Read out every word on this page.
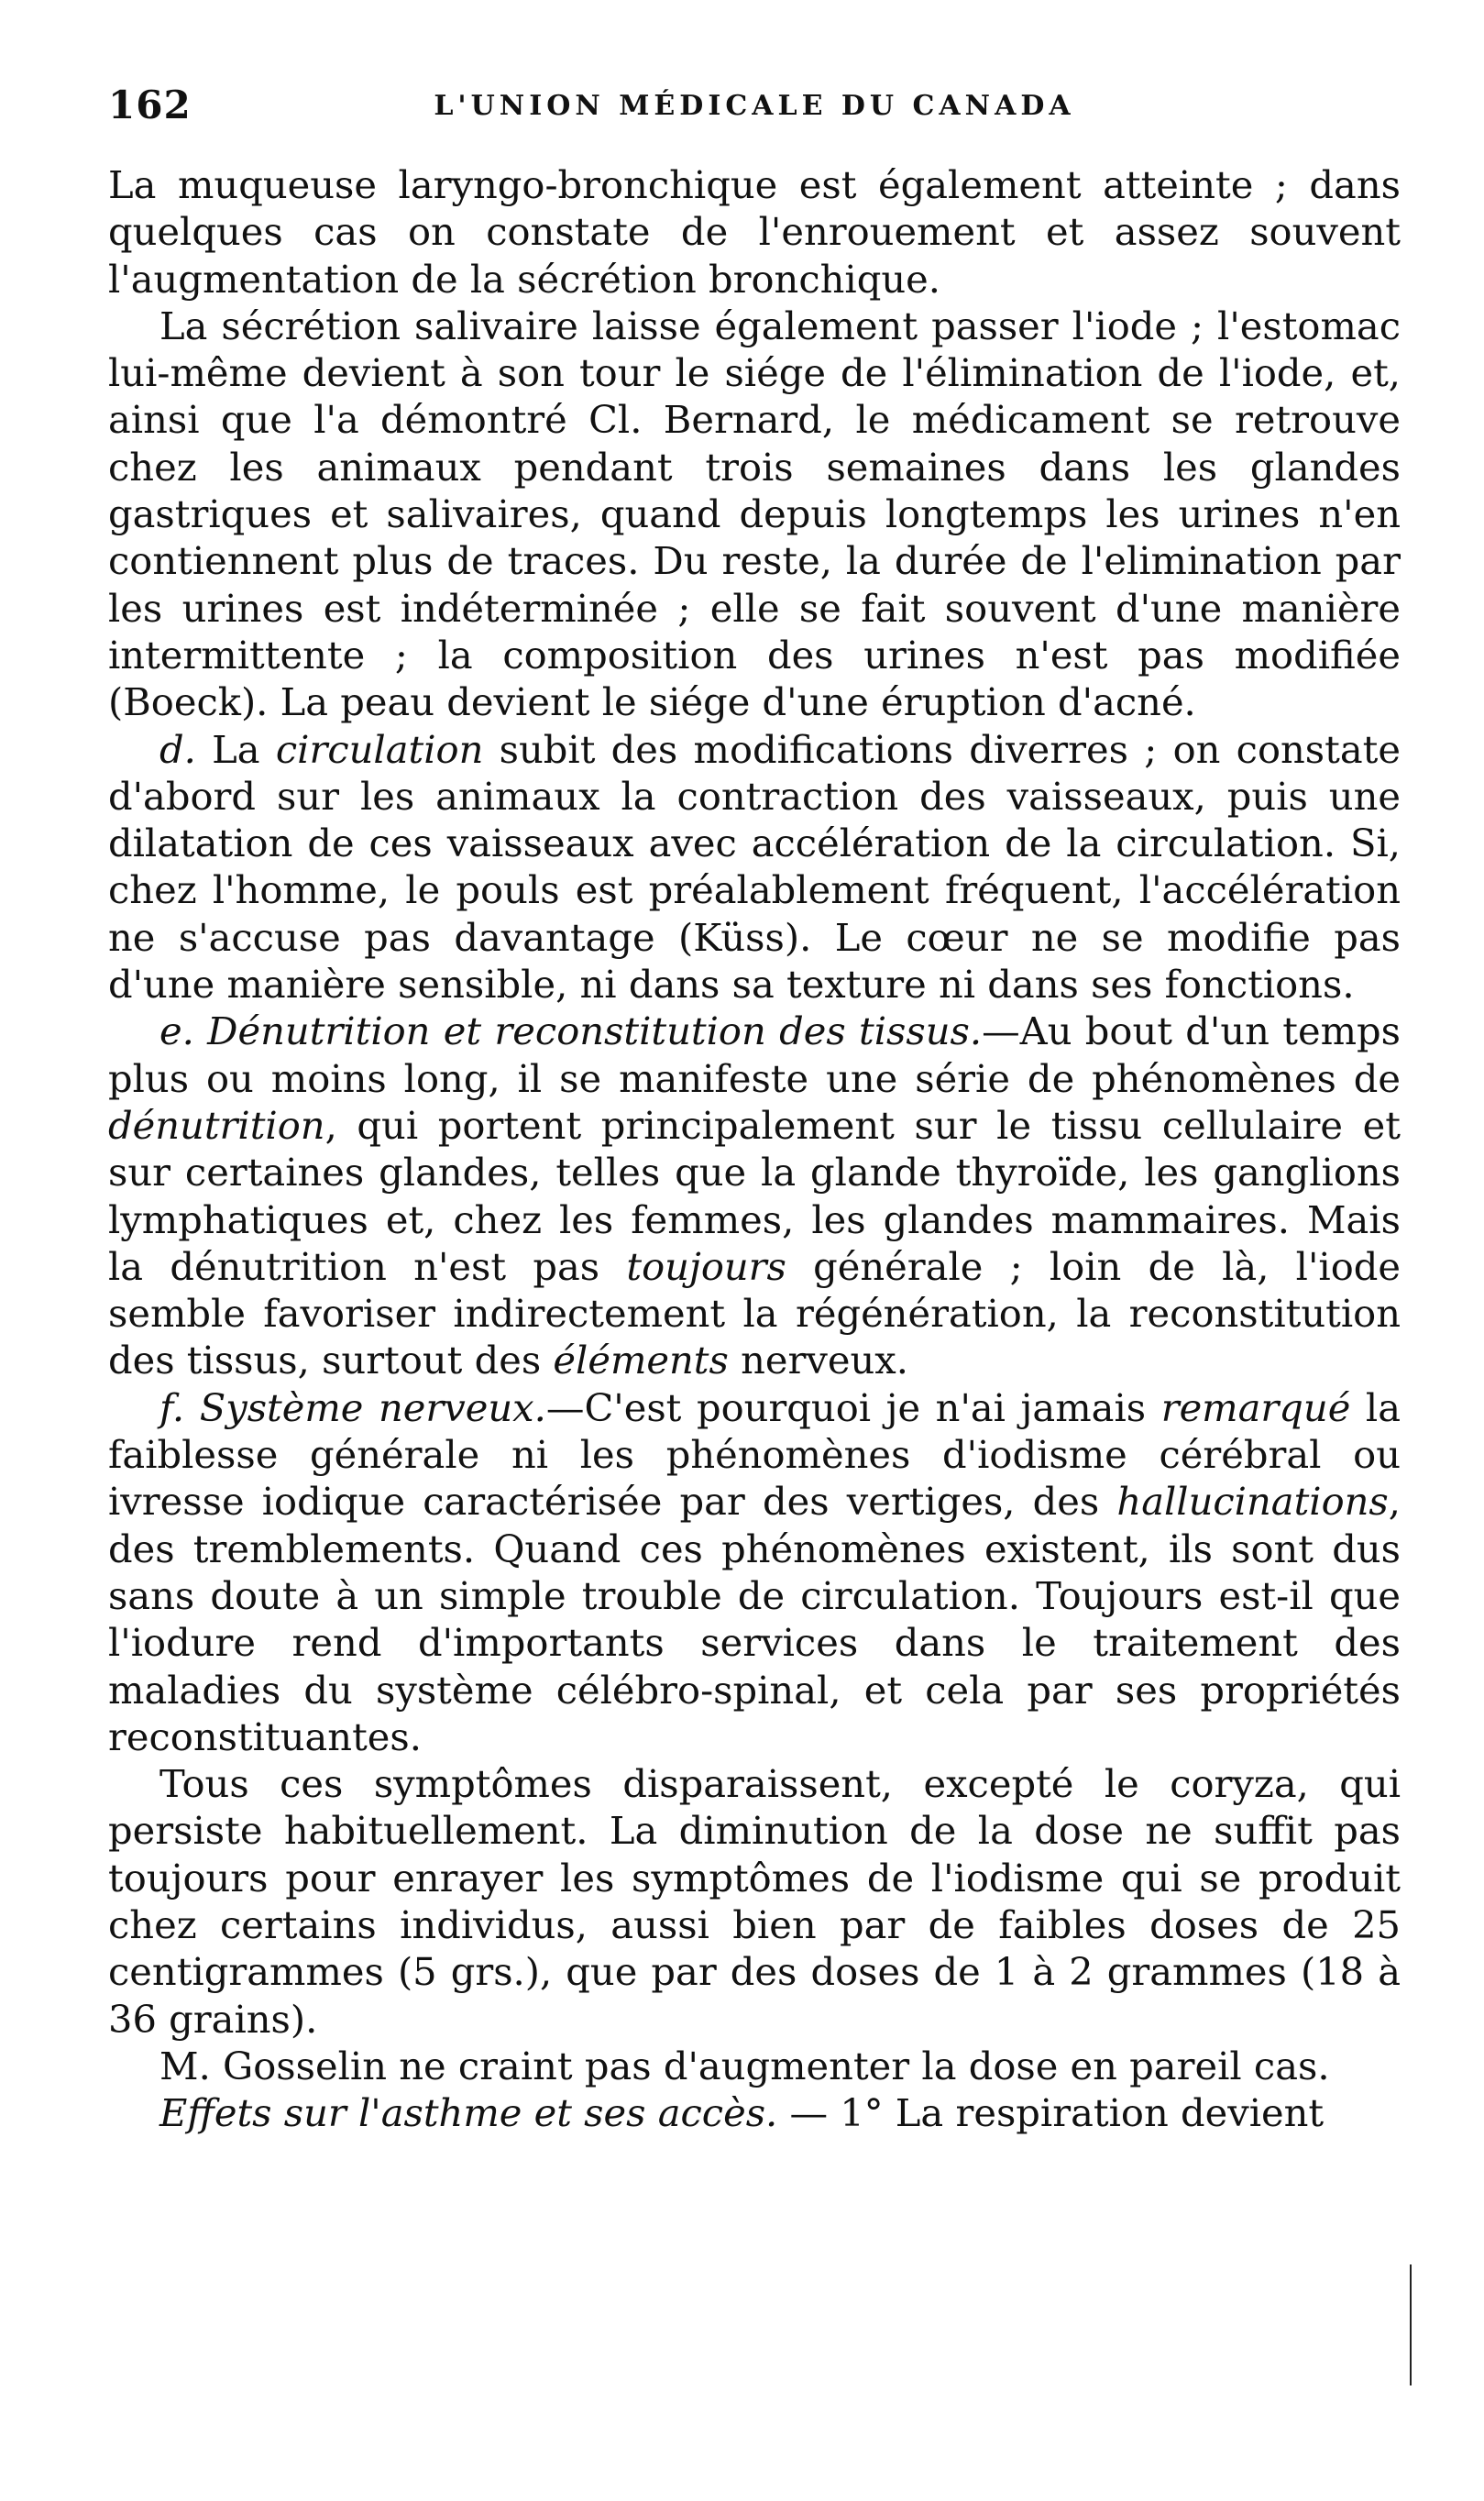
162	L'UNION MÉDICALE DU CANADA

La muqueuse laryngo-bronchique est également atteinte ; dans quelques cas on constate de l'enrouement et assez souvent l'augmentation de la sécrétion bronchique.

La sécrétion salivaire laisse également passer l'iode ; l'estomac lui-même devient à son tour le siége de l'élimination de l'iode, et, ainsi que l'a démontré Cl. Bernard, le médicament se retrouve chez les animaux pendant trois semaines dans les glandes gastriques et salivaires, quand depuis longtemps les urines n'en contiennent plus de traces. Du reste, la durée de l'elimination par les urines est indéterminée ; elle se fait souvent d'une manière intermittente ; la composition des urines n'est pas modifiée (Boeck). La peau devient le siége d'une éruption d'acné.

d. La circulation subit des modifications diverres ; on constate d'abord sur les animaux la contraction des vaisseaux, puis une dilatation de ces vaisseaux avec accélération de la circulation. Si, chez l'homme, le pouls est préalablement fréquent, l'accélération ne s'accuse pas davantage (Küss). Le cœur ne se modifie pas d'une manière sensible, ni dans sa texture ni dans ses fonctions.

e. Dénutrition et reconstitution des tissus.—Au bout d'un temps plus ou moins long, il se manifeste une série de phénomènes de dénutrition, qui portent principalement sur le tissu cellulaire et sur certaines glandes, telles que la glande thyroïde, les ganglions lymphatiques et, chez les femmes, les glandes mammaires. Mais la dénutrition n'est pas toujours générale ; loin de là, l'iode semble favoriser indirectement la régénération, la reconstitution des tissus, surtout des éléments nerveux.

f. Système nerveux.—C'est pourquoi je n'ai jamais remarqué la faiblesse générale ni les phénomènes d'iodisme cérébral ou ivresse iodique caractérisée par des vertiges, des hallucinations, des tremblements. Quand ces phénomènes existent, ils sont dus sans doute à un simple trouble de circulation. Toujours est-il que l'iodure rend d'importants services dans le traitement des maladies du système célébro-spinal, et cela par ses propriétés reconstituantes.

Tous ces symptômes disparaissent, excepté le coryza, qui persiste habituellement. La diminution de la dose ne suffit pas toujours pour enrayer les symptômes de l'iodisme qui se produit chez certains individus, aussi bien par de faibles doses de 25 centigrammes (5 grs.), que par des doses de 1 à 2 grammes (18 à 36 grains).

M. Gosselin ne craint pas d'augmenter la dose en pareil cas.

Effets sur l'asthme et ses accès. — 1° La respiration devient
